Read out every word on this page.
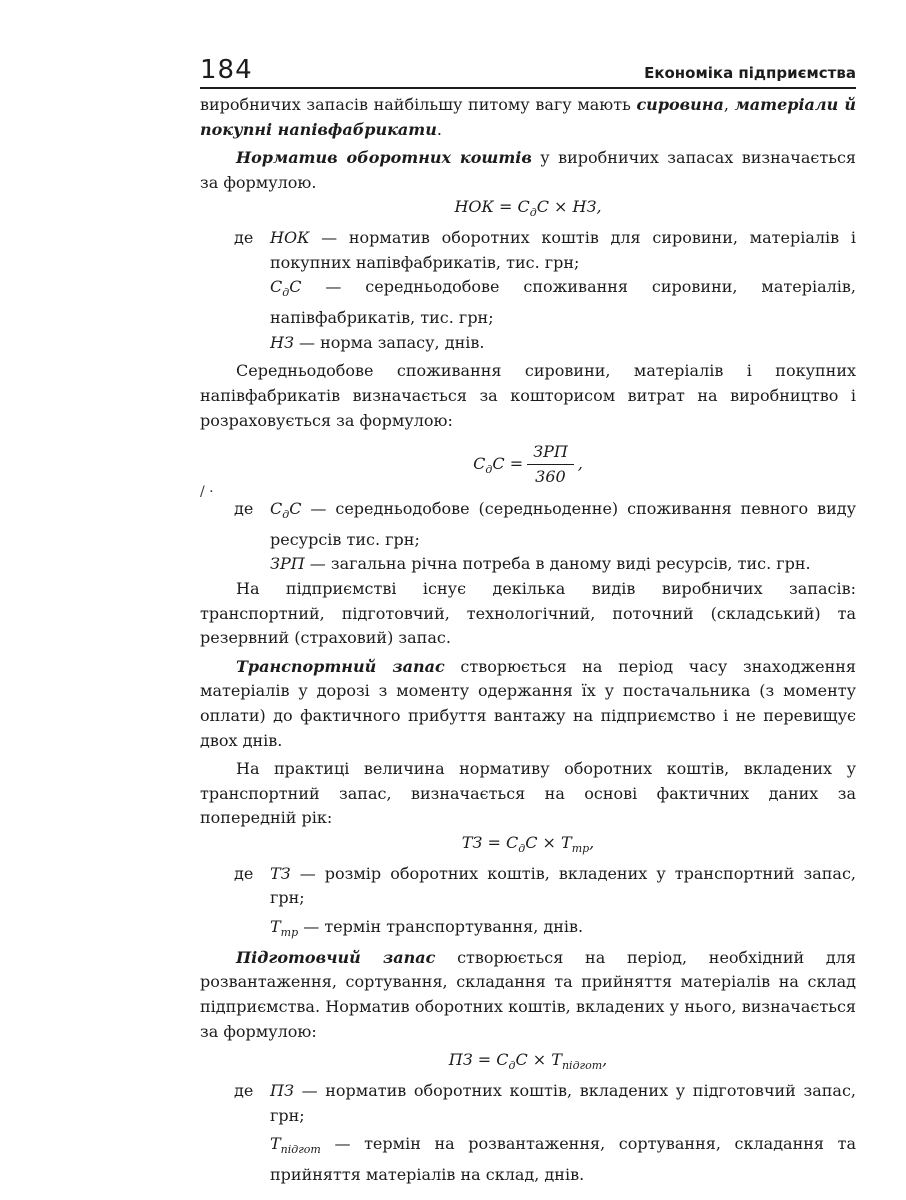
184	Економіка підприємства
/ ·

виробничих запасів найбільшу питому вагу мають сировина, матеріали й покупні напівфабрикати.

Норматив оборотних коштів у виробничих запасах визначається за формулою.

НОК = $С_дС$ × НЗ,

де НОК — норматив оборотних коштів для сировини, матеріалів і покупних напівфабрикатів, тис. грн;

$С_дС$ — середньодобове споживання сировини, матеріалів, напівфабрикатів, тис. грн;

НЗ — норма запасу, днів.

Середньодобове споживання сировини, матеріалів і покупних напівфабрикатів визначається за кошторисом витрат на виробництво і розраховується за формулою:

$С_дС = \frac{\text{ЗРП}}{360}$ ,
де $С_дС$ — середньодобове (середньоденне) споживання певного виду ресурсів тис. грн;

ЗРП — загальна річна потреба в даному виді ресурсів, тис. грн.

На підприємстві існує декілька видів виробничих запасів: транспортний, підготовчий, технологічний, поточний (складський) та резервний (страховий) запас.

Транспортний запас створюється на період часу знаходження матеріалів у дорозі з моменту одержання їх у постачальника (з моменту оплати) до фактичного прибуття вантажу на підприємство і не перевищує двох днів.

На практиці величина нормативу оборотних коштів, вкладених у транспортний запас, визначається на основі фактичних даних за попередній рік:

ТЗ = $С_дС \times Т_{тр}$,

де ТЗ — розмір оборотних коштів, вкладених у транспортний запас, грн;

$Т_{тр}$ — термін транспортування, днів.

Підготовчий запас створюється на період, необхідний для розвантаження, сортування, складання та прийняття матеріалів на склад підприємства. Норматив оборотних коштів, вкладених у нього, визначається за формулою:

ПЗ = $С_дС \times Т_{підгот}$,

де ПЗ — норматив оборотних коштів, вкладених у підготовчий запас, грн;

$Т_{підгот}$ — термін на розвантаження, сортування, складання та прийняття матеріалів на склад, днів.
